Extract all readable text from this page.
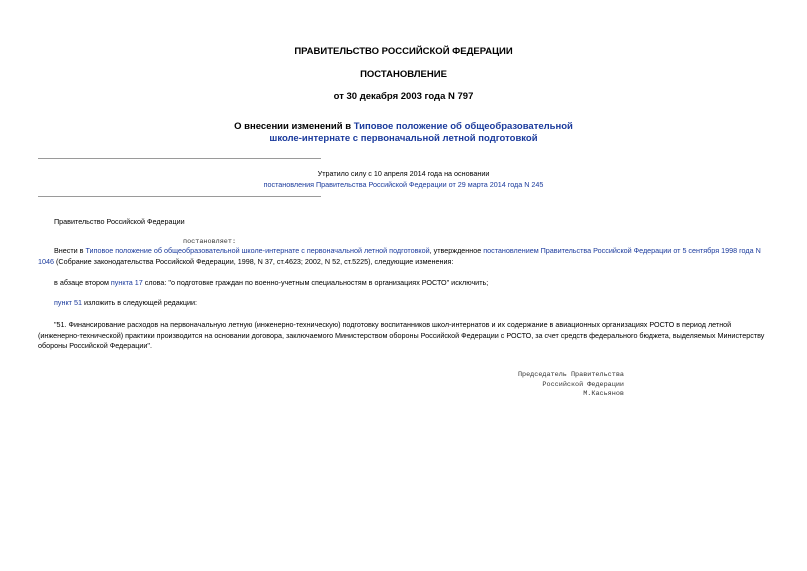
ПРАВИТЕЛЬСТВО РОССИЙСКОЙ ФЕДЕРАЦИИ
ПОСТАНОВЛЕНИЕ
от 30 декабря 2003 года N 797
О внесении изменений в Типовое положение об общеобразовательной
школе-интернате с первоначальной летной подготовкой
Утратило силу с 10 апреля 2014 года на основании
постановления Правительства Российской Федерации от 29 марта 2014 года N 245
Правительство Российской Федерации
постановляет:
Внести в Типовое положение об общеобразовательной школе-интернате с первоначальной летной подготовкой, утвержденное постановлением Правительства Российской Федерации от 5 сентября 1998 года N 1046 (Собрание законодательства Российской Федерации, 1998, N 37, ст.4623; 2002, N 52, ст.5225), следующие изменения:
в абзаце втором пункта 17 слова: "о подготовке граждан по военно-учетным специальностям в организациях РОСТО" исключить;
пункт 51 изложить в следующей редакции:
"51. Финансирование расходов на первоначальную летную (инженерно-техническую) подготовку воспитанников школ-интернатов и их содержание в авиационных организациях РОСТО в период летной (инженерно-технической) практики производится на основании договора, заключаемого Министерством обороны Российской Федерации с РОСТО, за счет средств федерального бюджета, выделяемых Министерству обороны Российской Федерации".
Председатель Правительства
Российской Федерации
М.Касьянов
